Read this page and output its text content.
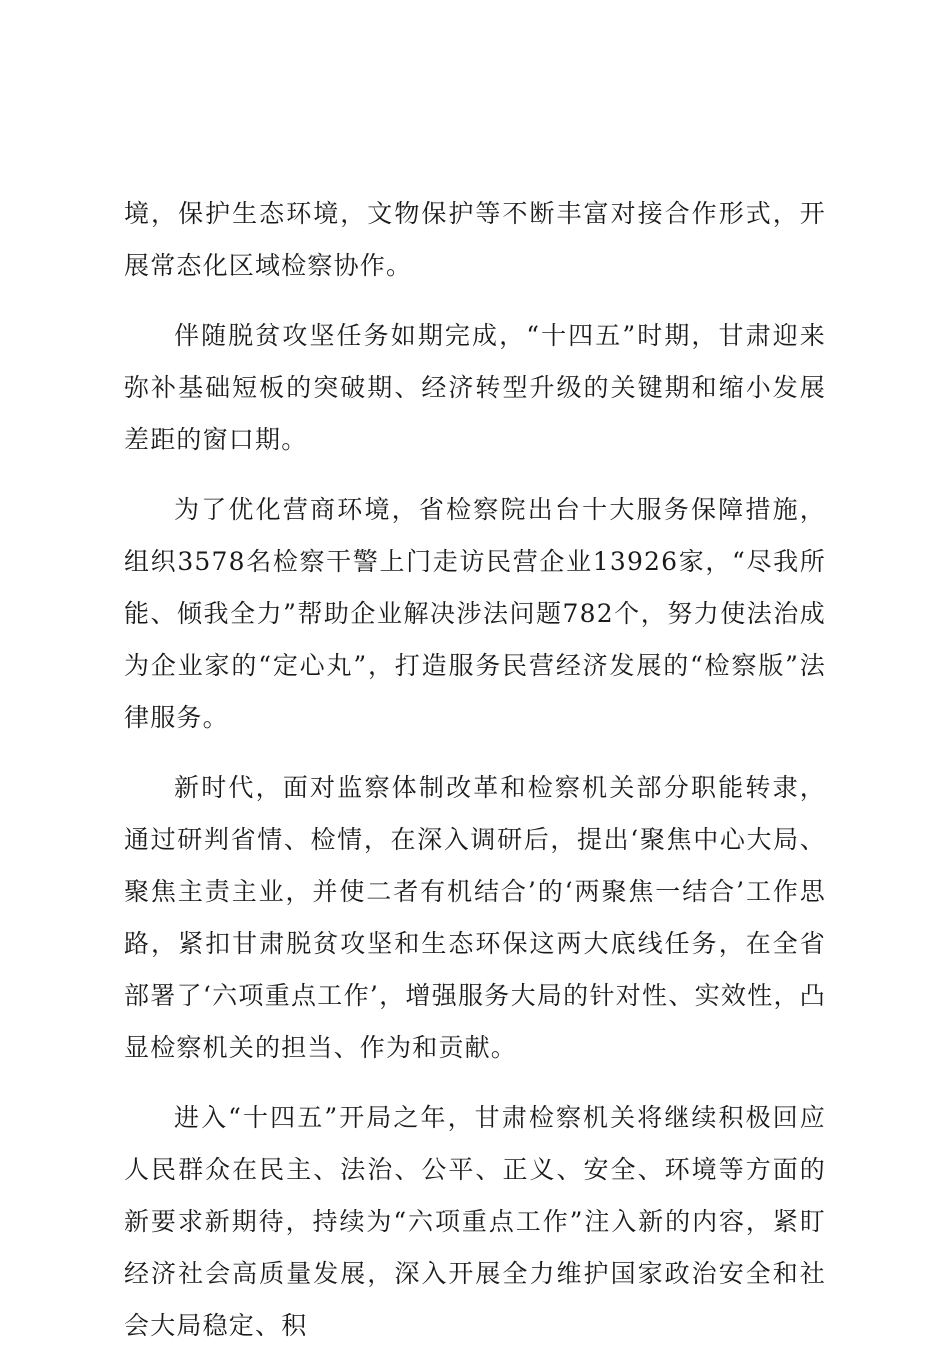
境，保护生态环境，文物保护等不断丰富对接合作形式，开展常态化区域检察协作。

伴随脱贫攻坚任务如期完成，“十四五”时期，甘肃迎来弥补基础短板的突破期、经济转型升级的关键期和缩小发展差距的窗口期。

为了优化营商环境，省检察院出台十大服务保障措施，组织3578名检察干警上门走访民营企业13926家，“尽我所能、倾我全力”帮助企业解决涉法问题782个，努力使法治成为企业家的“定心丸”，打造服务民营经济发展的“检察版”法律服务。

新时代，面对监察体制改革和检察机关部分职能转隶，通过研判省情、检情，在深入调研后，提出‘聚焦中心大局、聚焦主责主业，并使二者有机结合’的‘两聚焦一结合’工作思路，紧扣甘肃脱贫攻坚和生态环保这两大底线任务，在全省部署了‘六项重点工作’，增强服务大局的针对性、实效性，凸显检察机关的担当、作为和贡献。

进入“十四五”开局之年，甘肃检察机关将继续积极回应人民群众在民主、法治、公平、正义、安全、环境等方面的新要求新期待，持续为“六项重点工作”注入新的内容，紧盯经济社会高质量发展，深入开展全力维护国家政治安全和社会大局稳定、积
